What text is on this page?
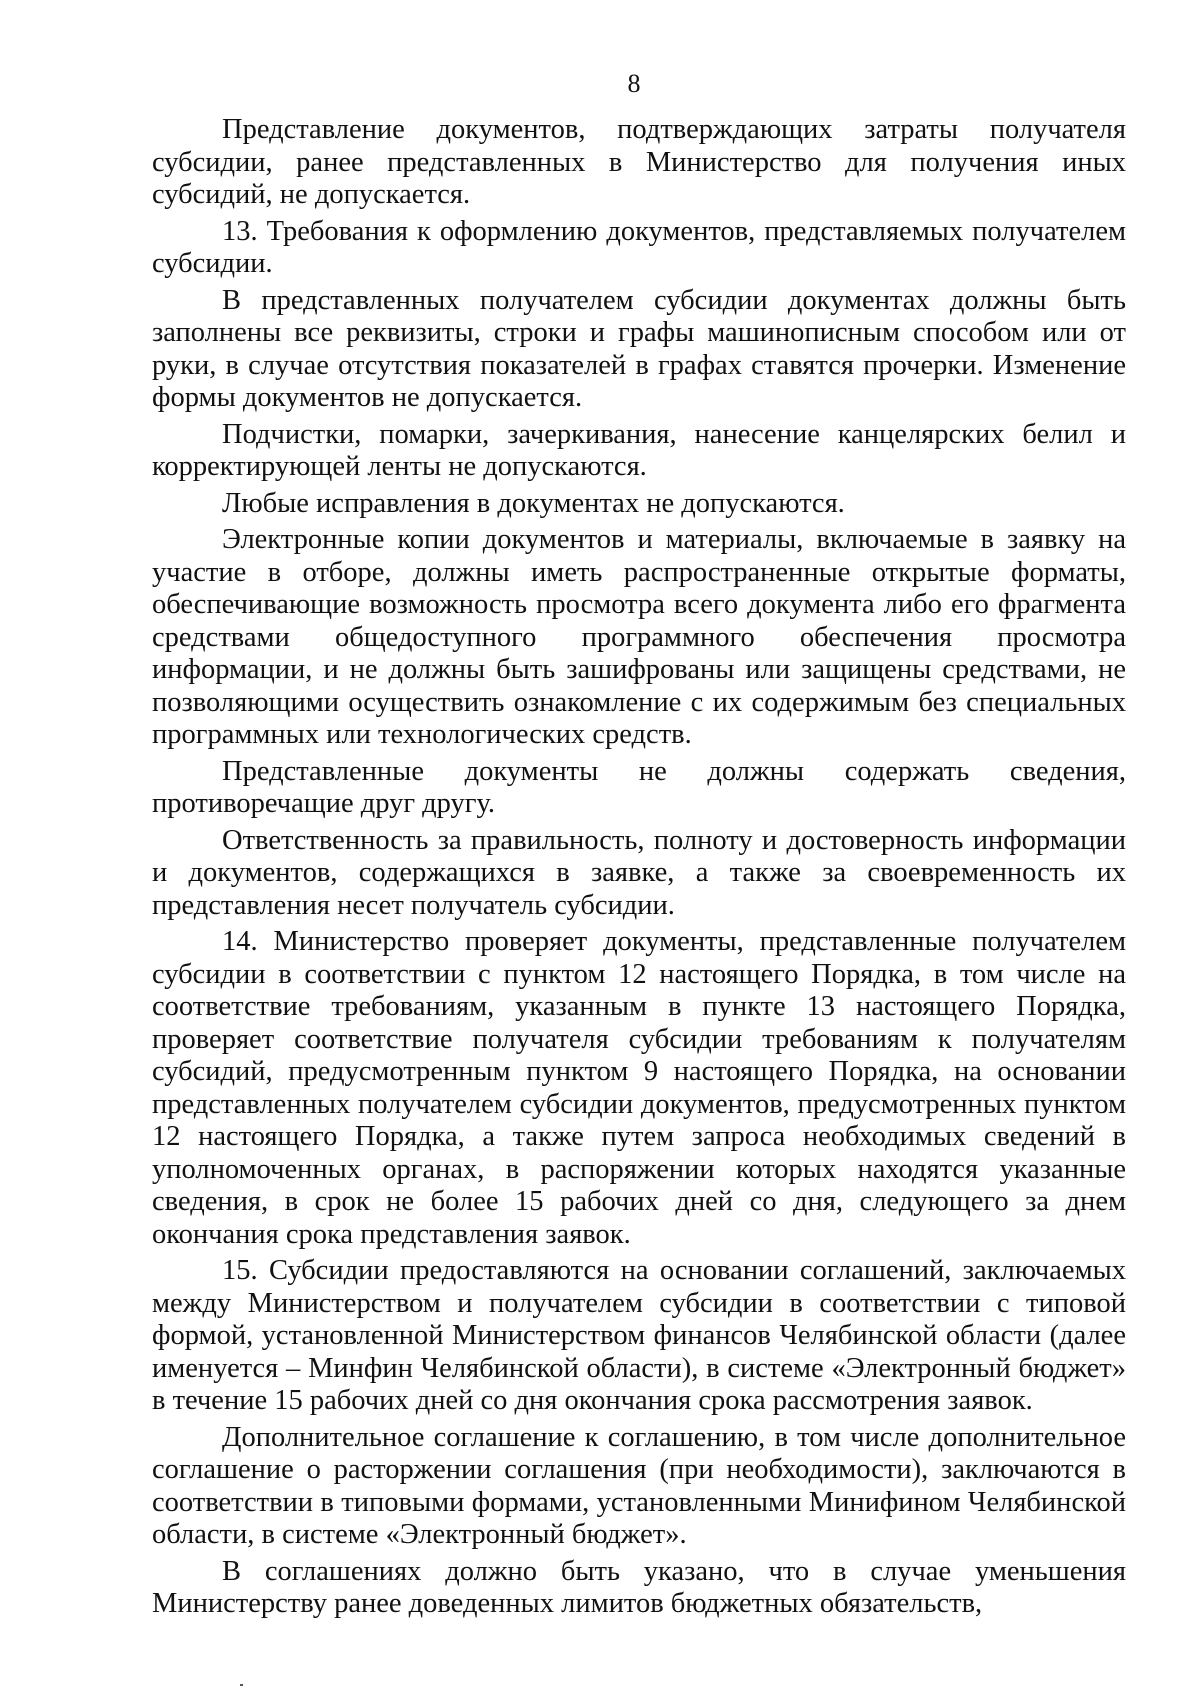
8

Представление документов, подтверждающих затраты получателя субсидии, ранее представленных в Министерство для получения иных субсидий, не допускается.

13. Требования к оформлению документов, представляемых получателем субсидии.

В представленных получателем субсидии документах должны быть заполнены все реквизиты, строки и графы машинописным способом или от руки, в случае отсутствия показателей в графах ставятся прочерки. Изменение формы документов не допускается.

Подчистки, помарки, зачеркивания, нанесение канцелярских белил и корректирующей ленты не допускаются.

Любые исправления в документах не допускаются.

Электронные копии документов и материалы, включаемые в заявку на участие в отборе, должны иметь распространенные открытые форматы, обеспечивающие возможность просмотра всего документа либо его фрагмента средствами общедоступного программного обеспечения просмотра информации, и не должны быть зашифрованы или защищены средствами, не позволяющими осуществить ознакомление с их содержимым без специальных программных или технологических средств.

Представленные документы не должны содержать сведения, противоречащие друг другу.

Ответственность за правильность, полноту и достоверность информации и документов, содержащихся в заявке, а также за своевременность их представления несет получатель субсидии.

14. Министерство проверяет документы, представленные получателем субсидии в соответствии с пунктом 12 настоящего Порядка, в том числе на соответствие требованиям, указанным в пункте 13 настоящего Порядка, проверяет соответствие получателя субсидии требованиям к получателям субсидий, предусмотренным пунктом 9 настоящего Порядка, на основании представленных получателем субсидии документов, предусмотренных пунктом 12 настоящего Порядка, а также путем запроса необходимых сведений в уполномоченных органах, в распоряжении которых находятся указанные сведения, в срок не более 15 рабочих дней со дня, следующего за днем окончания срока представления заявок.

15. Субсидии предоставляются на основании соглашений, заключаемых между Министерством и получателем субсидии в соответствии с типовой формой, установленной Министерством финансов Челябинской области (далее именуется – Минфин Челябинской области), в системе «Электронный бюджет» в течение 15 рабочих дней со дня окончания срока рассмотрения заявок.

Дополнительное соглашение к соглашению, в том числе дополнительное соглашение о расторжении соглашения (при необходимости), заключаются в соответствии в типовыми формами, установленными Минифином Челябинской области, в системе «Электронный бюджет».

В соглашениях должно быть указано, что в случае уменьшения Министерству ранее доведенных лимитов бюджетных обязательств,
